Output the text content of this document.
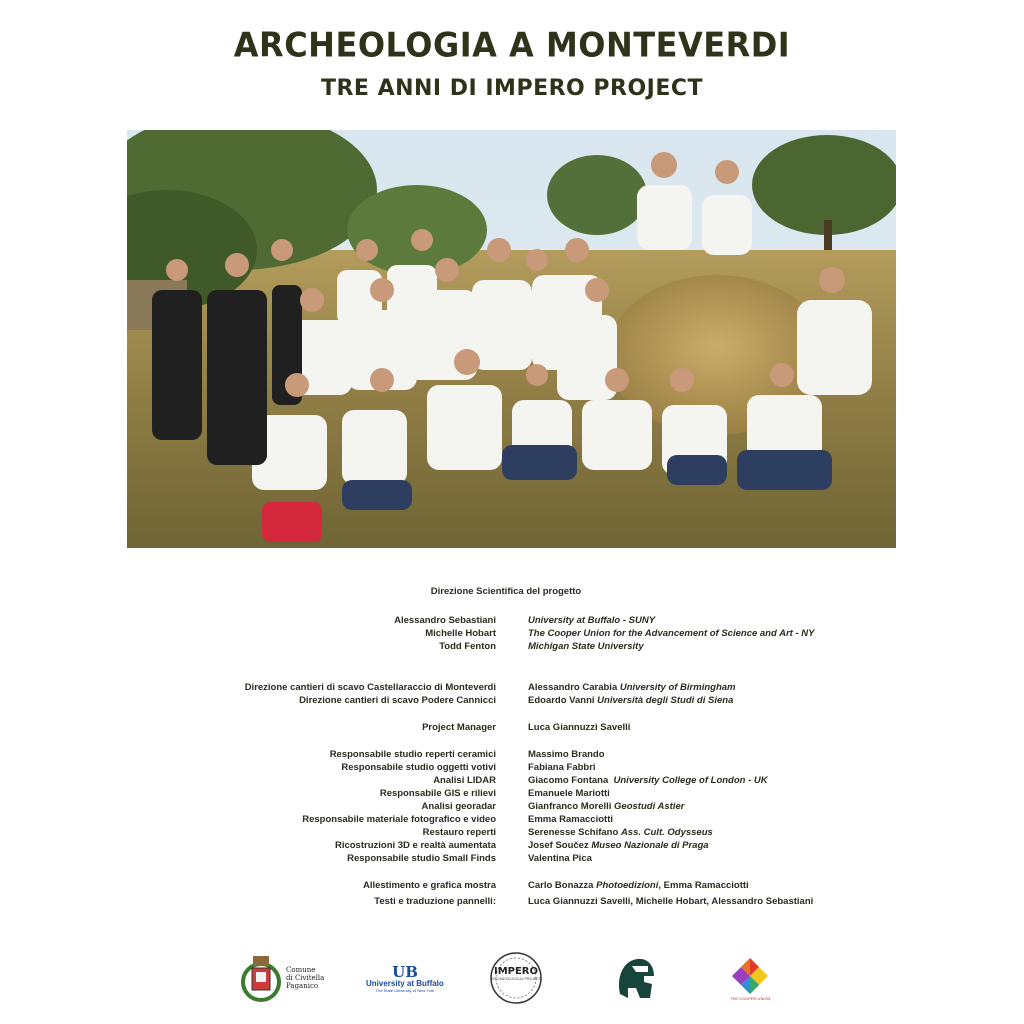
ARCHEOLOGIA A MONTEVERDI
TRE ANNI DI IMPERO PROJECT
Direzione Scientifica del progetto
Alessandro Sebastiani	University at Buffalo - SUNY
Michelle Hobart	The Cooper Union for the Advancement of Science and Art - NY
Todd Fenton	Michigan State University
Direzione cantieri di scavo Castellaraccio di Monteverdi	Alessandro Carabia University of Birmingham
Direzione cantieri di scavo Podere Cannicci	Edoardo Vanni Università degli Studi di Siena
Project Manager	Luca Giannuzzi Savelli
Responsabile studio reperti ceramici	Massimo Brando
Responsabile studio oggetti votivi	Fabiana Fabbri
Analisi LIDAR	Giacomo Fontana University College of London - UK
Responsabile GIS e rilievi	Emanuele Mariotti
Analisi georadar	Gianfranco Morelli Geostudi Astier
Responsabile materiale fotografico e video	Emma Ramacciotti
Restauro reperti	Serenesse Schifano Ass. Cult. Odysseus
Ricostruzioni 3D e realtà aumentata	Josef Součez Museo Nazionale di Praga
Responsabile studio Small Finds	Valentina Pica
Allestimento e grafica mostra	Carlo Bonazza Photoedizioni, Emma Ramacciotti
Testi e traduzione pannelli:	Luca Giannuzzi Savelli, Michelle Hobart, Alessandro Sebastiani
Comune
di Civitella
Paganico
UB
University at Buffalo
The State University of New York
IMPERO
ARCHAEOLOGICAL PROJECT
THE COOPER UNION
